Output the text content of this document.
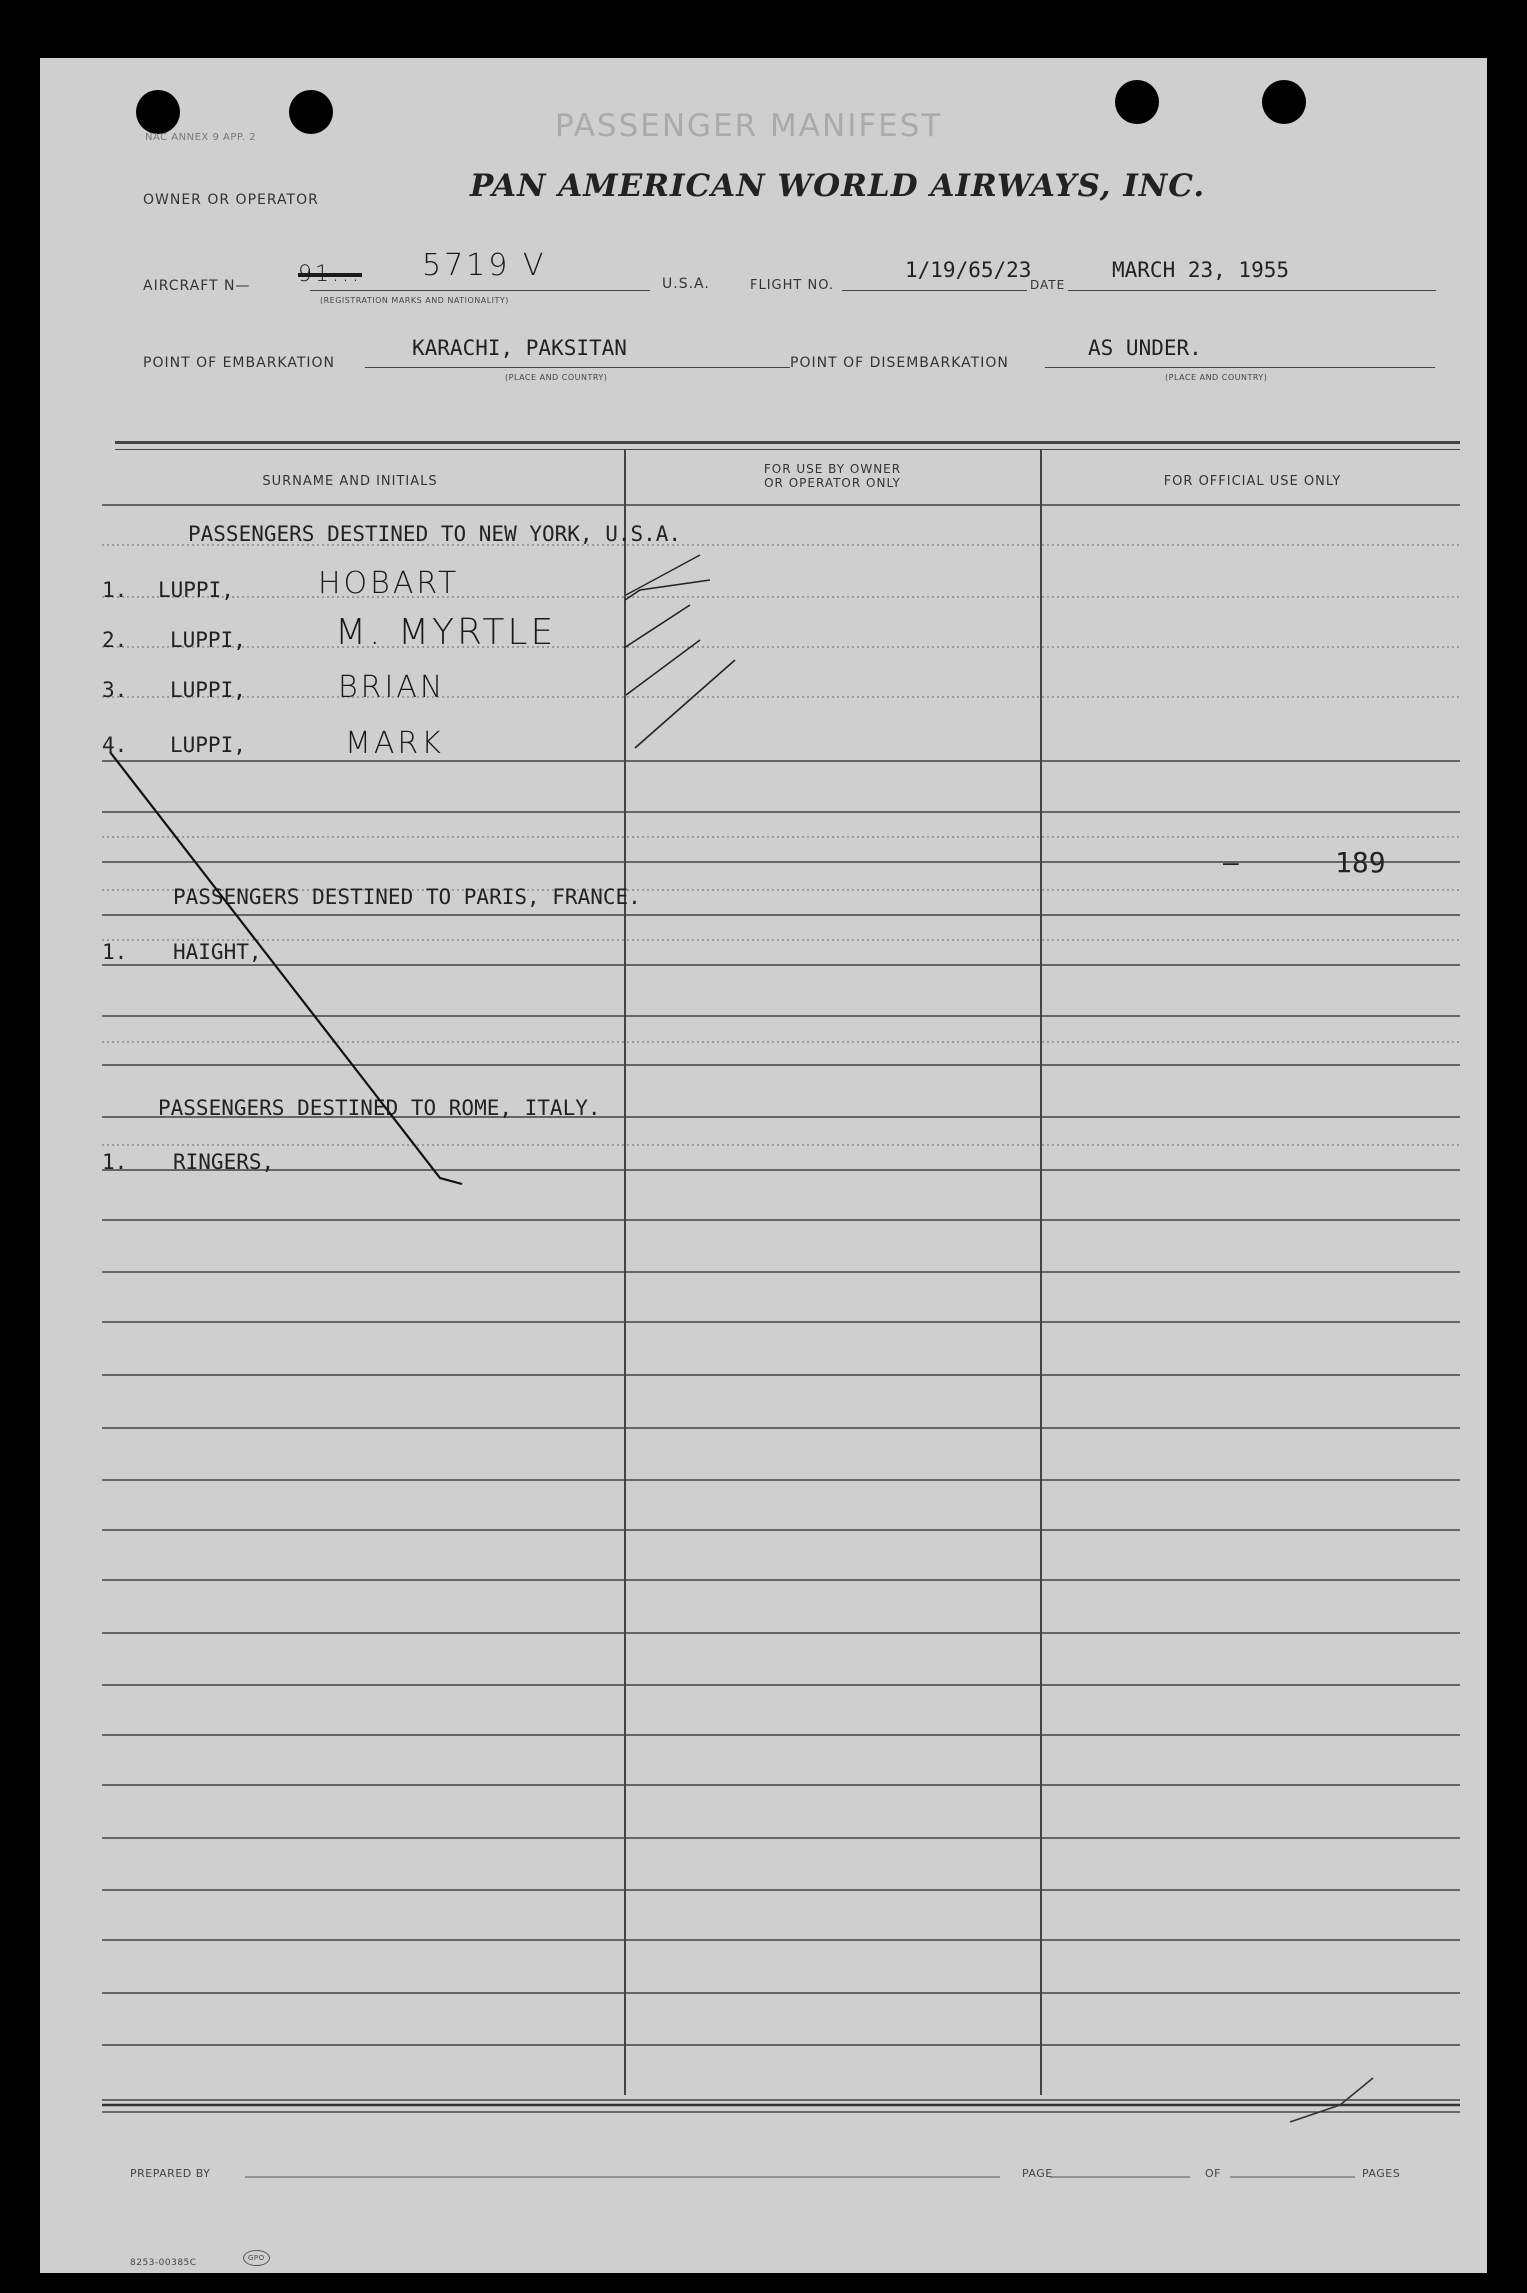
NAC ANNEX 9 APP. 2	PASSENGER MANIFEST
OWNER OR OPERATOR	PAN AMERICAN WORLD AIRWAYS, INC.
AIRCRAFT N— 91... 5719 V
(REGISTRATION MARKS AND NATIONALITY)
U.S.A.	FLIGHT NO.
1/19/65/23
DATE
MARCH 23, 1955
POINT OF EMBARKATION
KARACHI, PAKSITAN
(PLACE AND COUNTRY)
POINT OF DISEMBARKATION
AS UNDER.
(PLACE AND COUNTRY)
SURNAME AND INITIALS
FOR USE BY OWNER
OR OPERATOR ONLY	FOR OFFICIAL USE ONLY
PASSENGERS DESTINED TO NEW YORK, U.S.A.
1. LUPPI,	HOBART
2. LUPPI, M. MYRTLE
3. LUPPI,	BRIAN
4. LUPPI,	MARK
–	189
PASSENGERS DESTINED TO PARIS, FRANCE.
1. HAIGHT,
PASSENGERS DESTINED TO ROME, ITALY.
1. RINGERS,
PREPARED BY	PAGE	OF	PAGES
8253-00385C	GPO
